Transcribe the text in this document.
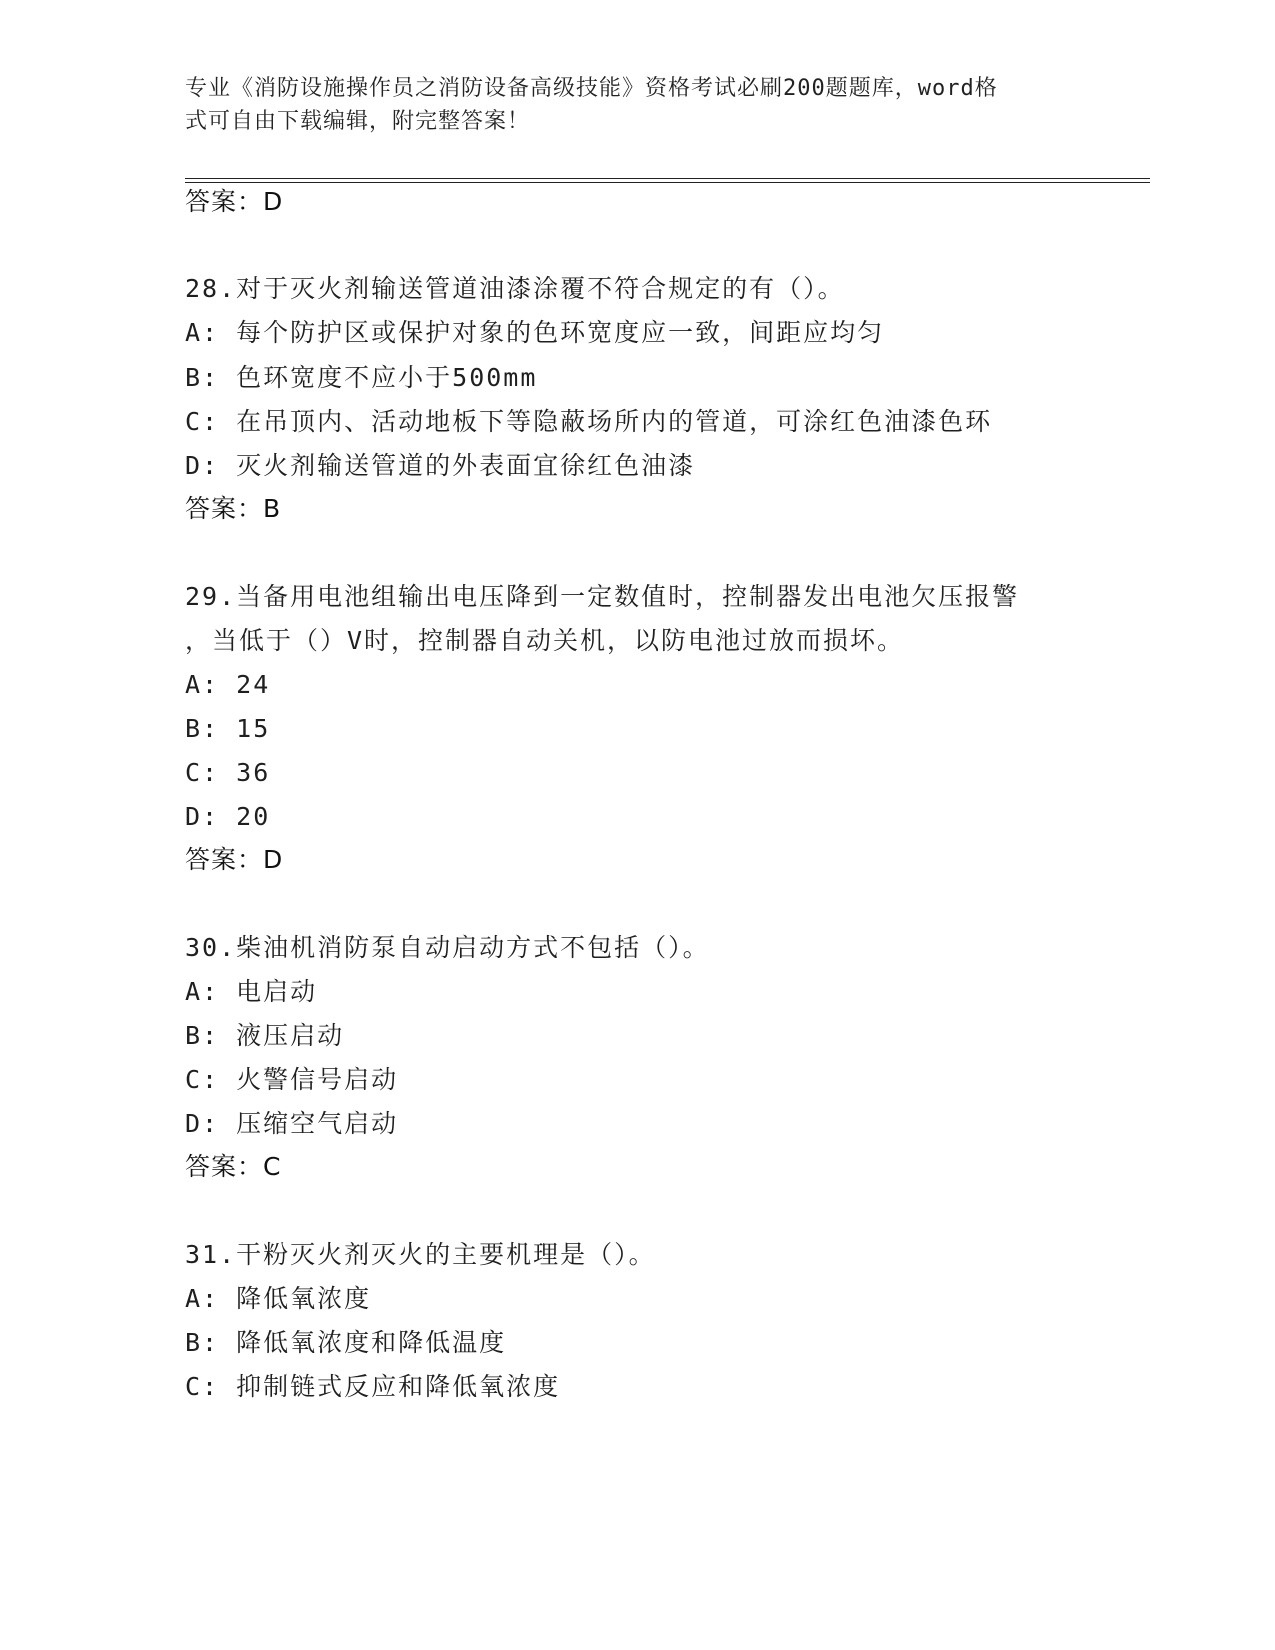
专业《消防设施操作员之消防设备高级技能》资格考试必刷200题题库，word格
式可自由下载编辑，附完整答案！
答案：D
28.对于灭火剂输送管道油漆涂覆不符合规定的有（）。
A: 每个防护区或保护对象的色环宽度应一致，间距应均匀
B: 色环宽度不应小于500mm
C: 在吊顶内、活动地板下等隐蔽场所内的管道，可涂红色油漆色环
D: 灭火剂输送管道的外表面宜徐红色油漆
答案：B
29.当备用电池组输出电压降到一定数值时，控制器发出电池欠压报警
，当低于（）V时，控制器自动关机，以防电池过放而损坏。
A: 24
B: 15
C: 36
D: 20
答案：D
30.柴油机消防泵自动启动方式不包括（）。
A: 电启动
B: 液压启动
C: 火警信号启动
D: 压缩空气启动
答案：C
31.干粉灭火剂灭火的主要机理是（）。
A: 降低氧浓度
B: 降低氧浓度和降低温度
C: 抑制链式反应和降低氧浓度
